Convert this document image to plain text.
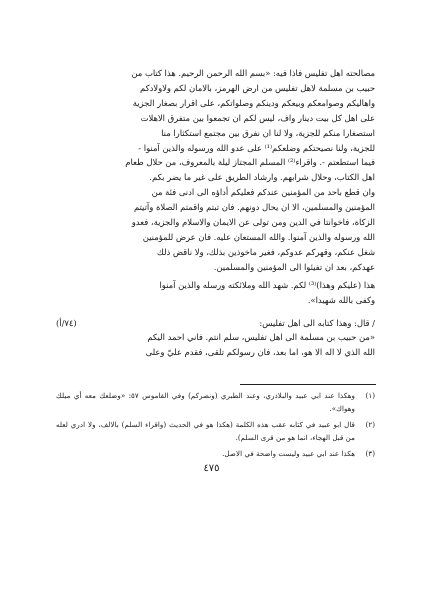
مصالحته اهل تفليس فاذا فيه: «بسم الله الرحمن الرحيم. هذا كتاب من

حبيب بن مسلمة لاهل تفليس من ارض الهرمز، بالامان لكم ولاولادكم

واهاليكم وصوامعكم وبيعكم ودينكم وصلواتكم، على اقرار بصغار الجزية

على اهل كل بيت دينار واف، ليس لكم ان تجمعوا بين متفرق الاهلات

استصغارا منكم للجزية، ولا لنا ان نفرق بين مجتمع استكثارا منا

للجزية، ولنا نصيحتكم وضلعكم⁽¹⁾ على عدو الله ورسوله والذين آمنوا -

فيما استطعتم -. واقراء⁽²⁾ المسلم المجتاز ليلة بالمعروف، من حلال طعام

اهل الكتاب، وحلال شرابهم. وارشاد الطريق على غير ما يضر بكم.

وان قطع باحد من المؤمنين عندكم فعليكم أداؤه الى ادنى فئة من

المؤمنين والمسلمين، الا ان يحال دونهم. فان تبتم واقمتم الصلاة وآتيتم

الزكاة، فاخوانتا في الدين ومن تولى عن الايمان والاسلام والجزية، فعدو

الله ورسوله والذين آمنوا. والله المستعان عليه. فان عرض للمؤمنين

شغل عنكم، وقهركم عدوكم، فغير ماخوذين بذلك، ولا ناقض ذلك

عهدكم، بعد ان تفيئوا الى المؤمنين والمسلمين.

هذا (عليكم وهذا)⁽³⁾ لكم. شهد الله وملائكته ورسله والذين آمنوا

وكفى بالله شهيدا».

/ قال: وهذا كتابه الى اهل تفليس:
(٧٤/أ)

«من حبيب بن مسلمة الى اهل تفليس، سلم انتم. فاني احمد اليكم

الله الذي لا اله الا هو، اما بعد، فان رسولكم تلقى، فقدم عليّ وعلى

(١)
وهكذا عند ابي عبيد والبلاذري، وعند الطبري (ونصركم) وفي القاموس ٥٧: «وضلعك معه أي ميلك وهواك».
(٢)
قال ابو عبيد في كتابه عقب هذه الكلمة (هكذا هو في الحديث (واقراء السلم) بالالف، ولا ادري لعله من قبل الهجاء، انما هو من قرى السلم).
(٣)
هكذا عند ابي عبيد وليست واضحة في الاصل.
٤٧٥
